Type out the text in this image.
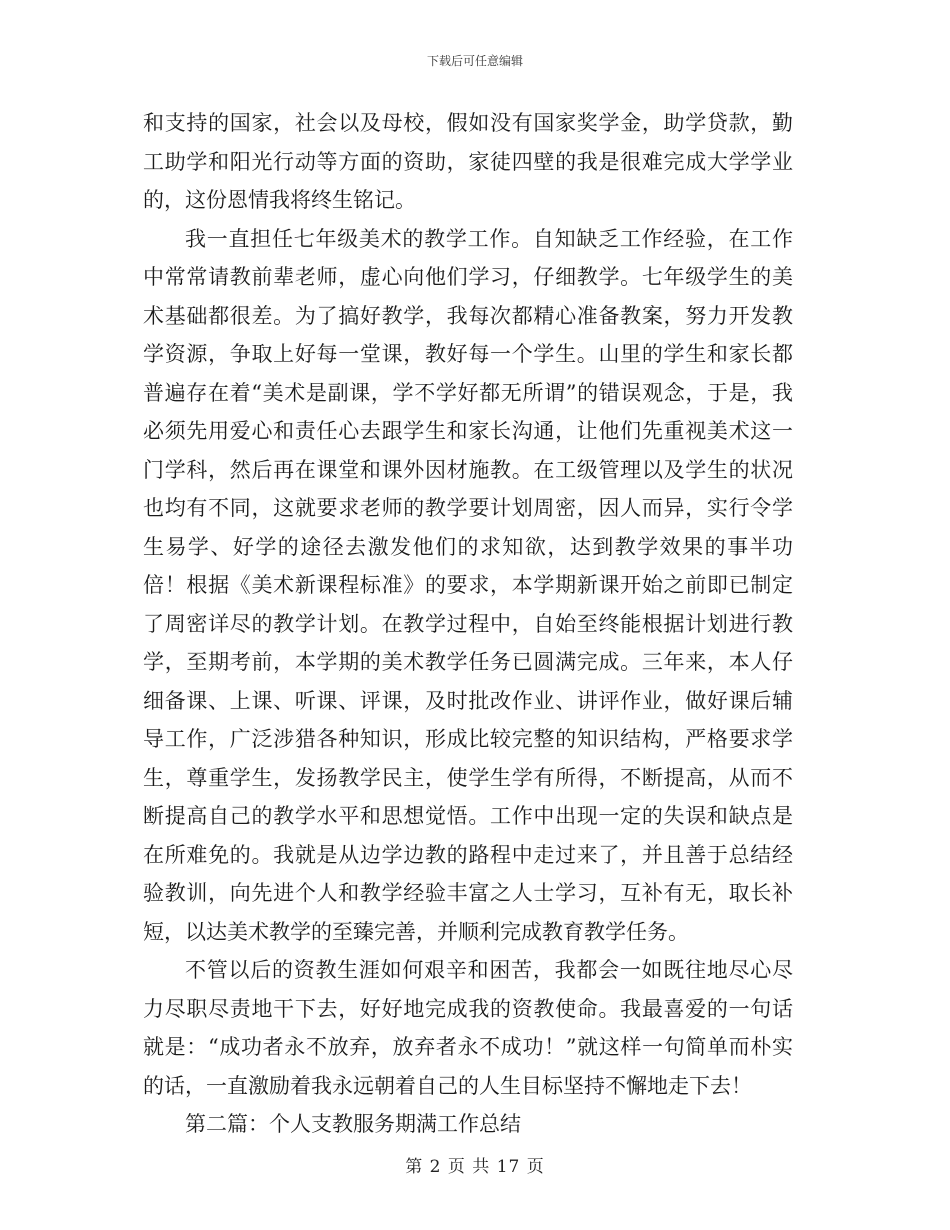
下载后可任意编辑

和支持的国家，社会以及母校，假如没有国家奖学金，助学贷款，勤工助学和阳光行动等方面的资助，家徒四壁的我是很难完成大学学业的，这份恩情我将终生铭记。

我一直担任七年级美术的教学工作。自知缺乏工作经验，在工作中常常请教前辈老师，虚心向他们学习，仔细教学。七年级学生的美术基础都很差。为了搞好教学，我每次都精心准备教案，努力开发教学资源，争取上好每一堂课，教好每一个学生。山里的学生和家长都普遍存在着“美术是副课，学不学好都无所谓”的错误观念，于是，我必须先用爱心和责任心去跟学生和家长沟通，让他们先重视美术这一门学科，然后再在课堂和课外因材施教。在工级管理以及学生的状况也均有不同，这就要求老师的教学要计划周密，因人而异，实行令学生易学、好学的途径去激发他们的求知欲，达到教学效果的事半功倍！根据《美术新课程标准》的要求，本学期新课开始之前即已制定了周密详尽的教学计划。在教学过程中，自始至终能根据计划进行教学，至期考前，本学期的美术教学任务已圆满完成。三年来，本人仔细备课、上课、听课、评课，及时批改作业、讲评作业，做好课后辅导工作，广泛涉猎各种知识，形成比较完整的知识结构，严格要求学生，尊重学生，发扬教学民主，使学生学有所得，不断提高，从而不断提高自己的教学水平和思想觉悟。工作中出现一定的失误和缺点是在所难免的。我就是从边学边教的路程中走过来了，并且善于总结经验教训，向先进个人和教学经验丰富之人士学习，互补有无，取长补短，以达美术教学的至臻完善，并顺利完成教育教学任务。

不管以后的资教生涯如何艰辛和困苦，我都会一如既往地尽心尽力尽职尽责地干下去，好好地完成我的资教使命。我最喜爱的一句话就是：“成功者永不放弃，放弃者永不成功！”就这样一句简单而朴实的话，一直激励着我永远朝着自己的人生目标坚持不懈地走下去！

第二篇：个人支教服务期满工作总结

第 2 页 共 17 页
